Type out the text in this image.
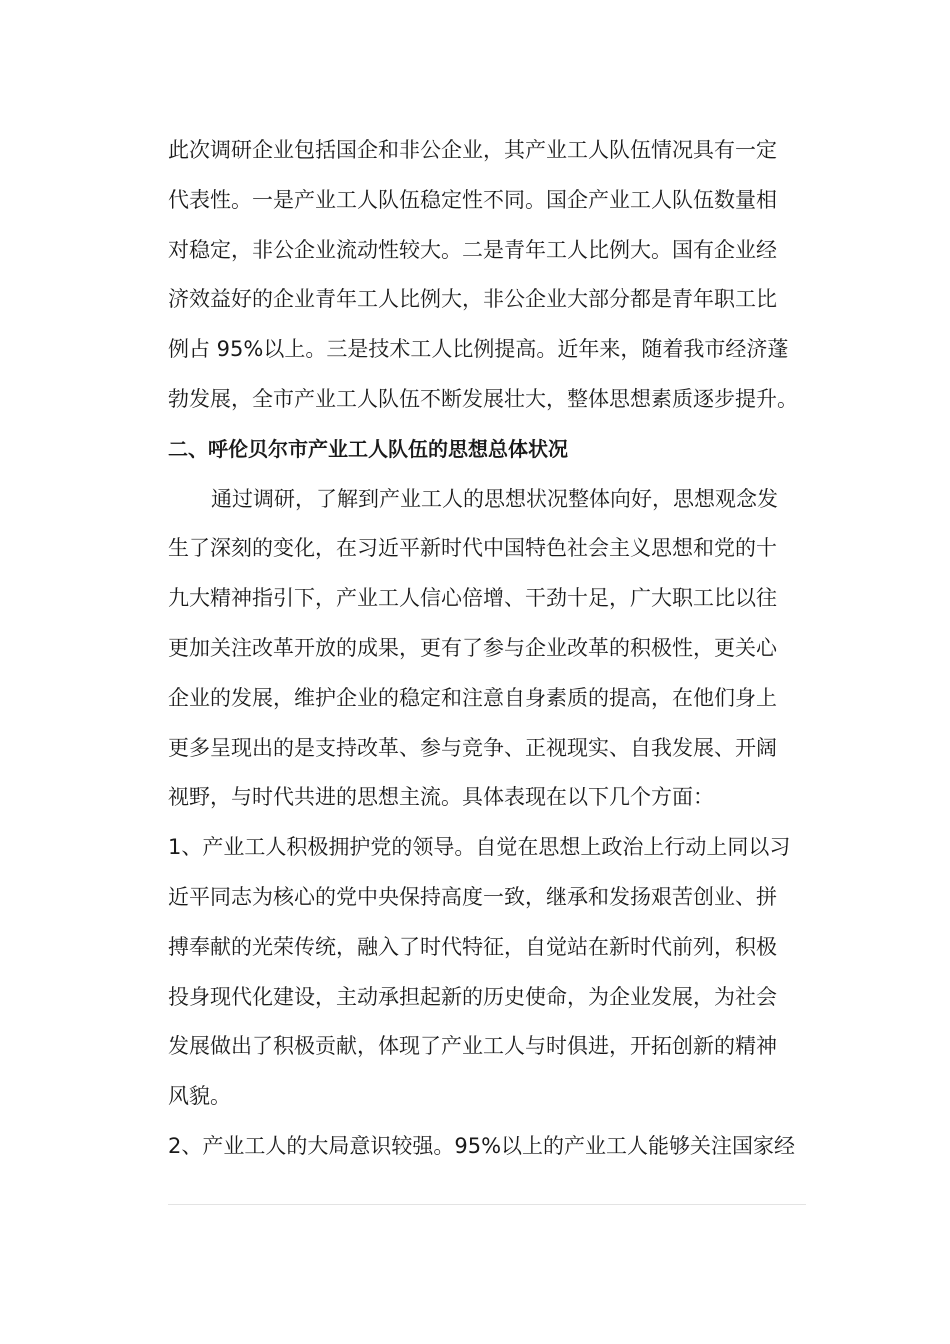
此次调研企业包括国企和非公企业，其产业工人队伍情况具有一定
代表性。一是产业工人队伍稳定性不同。国企产业工人队伍数量相
对稳定，非公企业流动性较大。二是青年工人比例大。国有企业经
济效益好的企业青年工人比例大，非公企业大部分都是青年职工比
例占 95%以上。三是技术工人比例提高。近年来，随着我市经济蓬
勃发展，全市产业工人队伍不断发展壮大，整体思想素质逐步提升。
二、呼伦贝尔市产业工人队伍的思想总体状况
通过调研，了解到产业工人的思想状况整体向好，思想观念发
生了深刻的变化，在习近平新时代中国特色社会主义思想和党的十
九大精神指引下，产业工人信心倍增、干劲十足，广大职工比以往
更加关注改革开放的成果，更有了参与企业改革的积极性，更关心
企业的发展，维护企业的稳定和注意自身素质的提高，在他们身上
更多呈现出的是支持改革、参与竞争、正视现实、自我发展、开阔
视野，与时代共进的思想主流。具体表现在以下几个方面：
1、产业工人积极拥护党的领导。自觉在思想上政治上行动上同以习
近平同志为核心的党中央保持高度一致，继承和发扬艰苦创业、拼
搏奉献的光荣传统，融入了时代特征，自觉站在新时代前列，积极
投身现代化建设，主动承担起新的历史使命，为企业发展，为社会
发展做出了积极贡献，体现了产业工人与时俱进，开拓创新的精神
风貌。
2、产业工人的大局意识较强。95%以上的产业工人能够关注国家经
